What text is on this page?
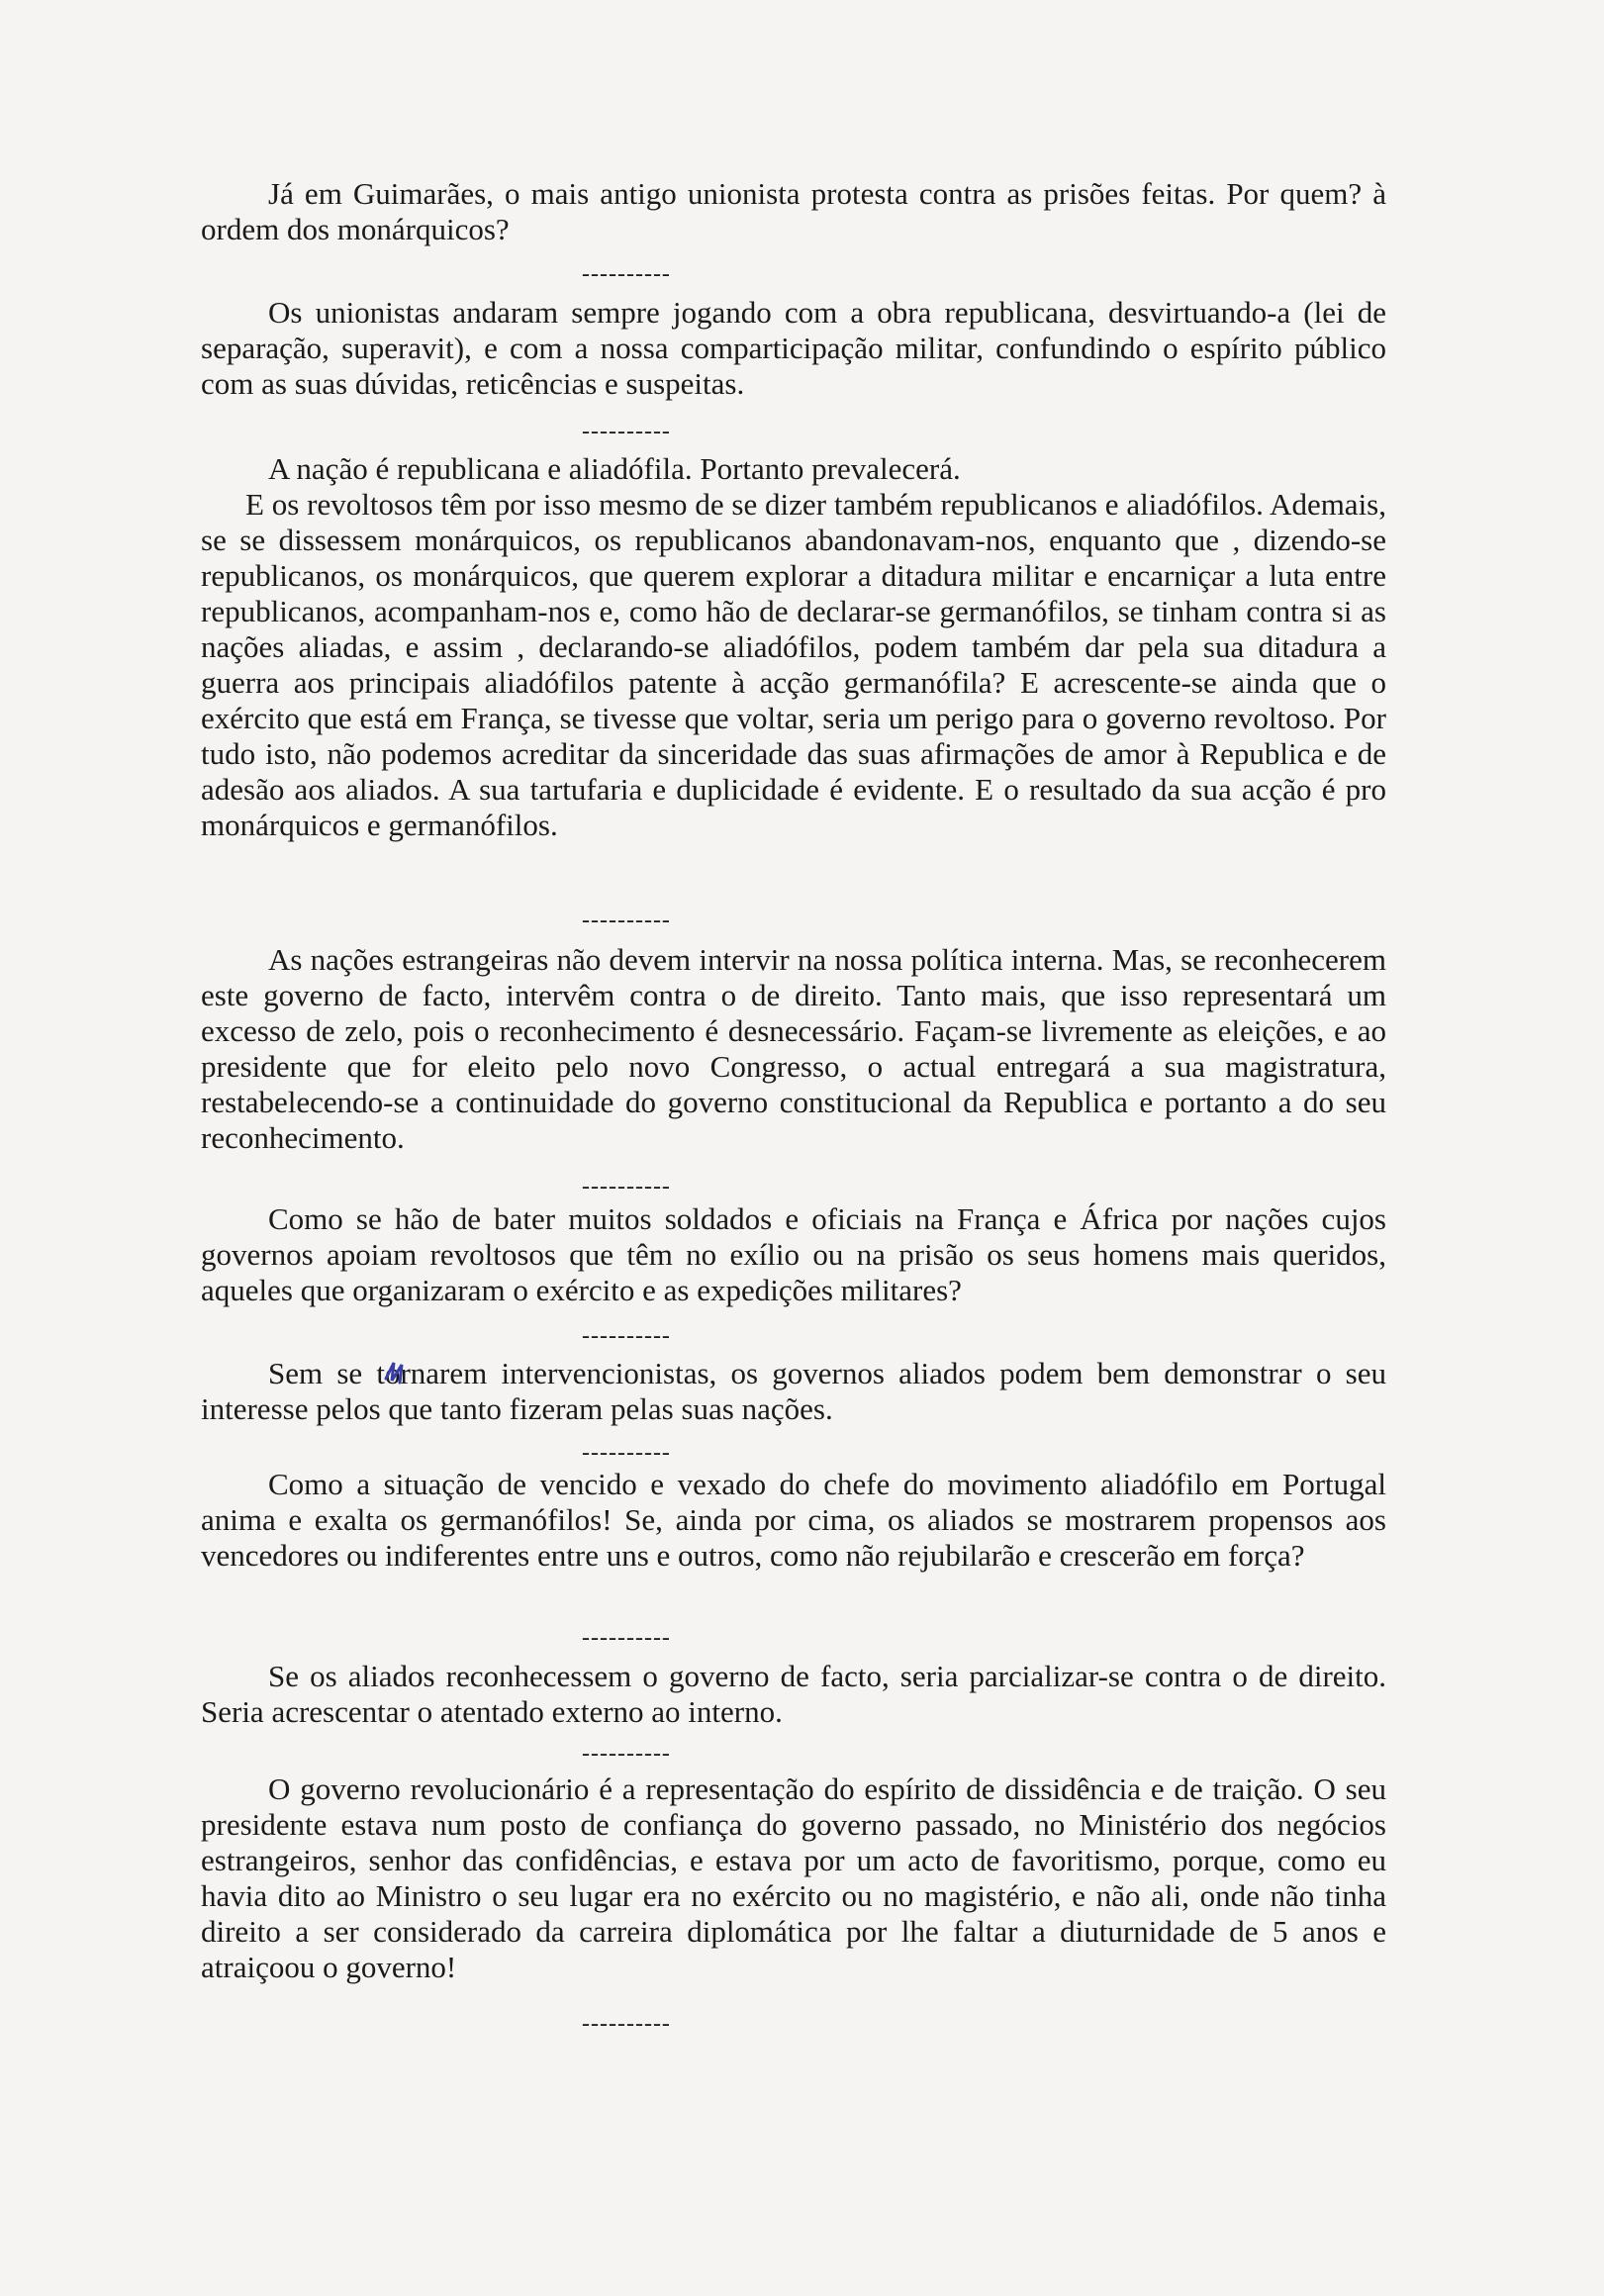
Já em Guimarães, o mais antigo unionista protesta contra as prisões feitas. Por quem? à ordem dos monárquicos?

----------

Os unionistas andaram sempre jogando com a obra republicana, desvirtuando-a (lei de separação, superavit), e com a nossa comparticipação militar, confundindo o espírito público com as suas dúvidas, reticências e suspeitas.

----------

A nação é republicana e aliadófila. Portanto prevalecerá.

E os revoltosos têm por isso mesmo de se dizer também republicanos e aliadófilos. Ademais, se se dissessem monárquicos, os republicanos abandonavam-nos, enquanto que , dizendo-se republicanos, os monárquicos, que querem explorar a ditadura militar e encarniçar a luta entre republicanos, acompanham-nos e, como hão de declarar-se germanófilos, se tinham contra si as nações aliadas, e assim , declarando-se aliadófilos, podem também dar pela sua ditadura a guerra aos principais aliadófilos patente à acção germanófila? E acrescente-se ainda que o exército que está em França, se tivesse que voltar, seria um perigo para o governo revoltoso. Por tudo isto, não podemos acreditar da sinceridade das suas afirmações de amor à Republica e de adesão aos aliados. A sua tartufaria e duplicidade é evidente. E o resultado da sua acção é pro monárquicos e germanófilos.

----------

As nações estrangeiras não devem intervir na nossa política interna. Mas, se reconhecerem este governo de facto, intervêm contra o de direito. Tanto mais, que isso representará um excesso de zelo, pois o reconhecimento é desnecessário. Façam-se livremente as eleições, e ao presidente que for eleito pelo novo Congresso, o actual entregará a sua magistratura, restabelecendo-se a continuidade do governo constitucional da Republica e portanto a do seu reconhecimento.

----------

Como se hão de bater muitos soldados e oficiais na França e África por nações cujos governos apoiam revoltosos que têm no exílio ou na prisão os seus homens mais queridos, aqueles que organizaram o exército e as expedições militares?

----------

Sem se tornarem intervencionistas, os governos aliados podem bem demonstrar o seu interesse pelos que tanto fizeram pelas suas nações.

----------

Como a situação de vencido e vexado do chefe do movimento aliadófilo em Portugal anima e exalta os germanófilos! Se, ainda por cima, os aliados se mostrarem propensos aos vencedores ou indiferentes entre uns e outros, como não rejubilarão e crescerão em força?

----------

Se os aliados reconhecessem o governo de facto, seria parcializar-se contra o de direito. Seria acrescentar o atentado externo ao interno.

----------

O governo revolucionário é a representação do espírito de dissidência e de traição. O seu presidente estava num posto de confiança do governo passado, no Ministério dos negócios estrangeiros, senhor das confidências, e estava por um acto de favoritismo, porque, como eu havia dito ao Ministro o seu lugar era no exército ou no magistério, e não ali, onde não tinha direito a ser considerado da carreira diplomática por lhe faltar a diuturnidade de 5 anos e atraiçoou o governo!

----------
